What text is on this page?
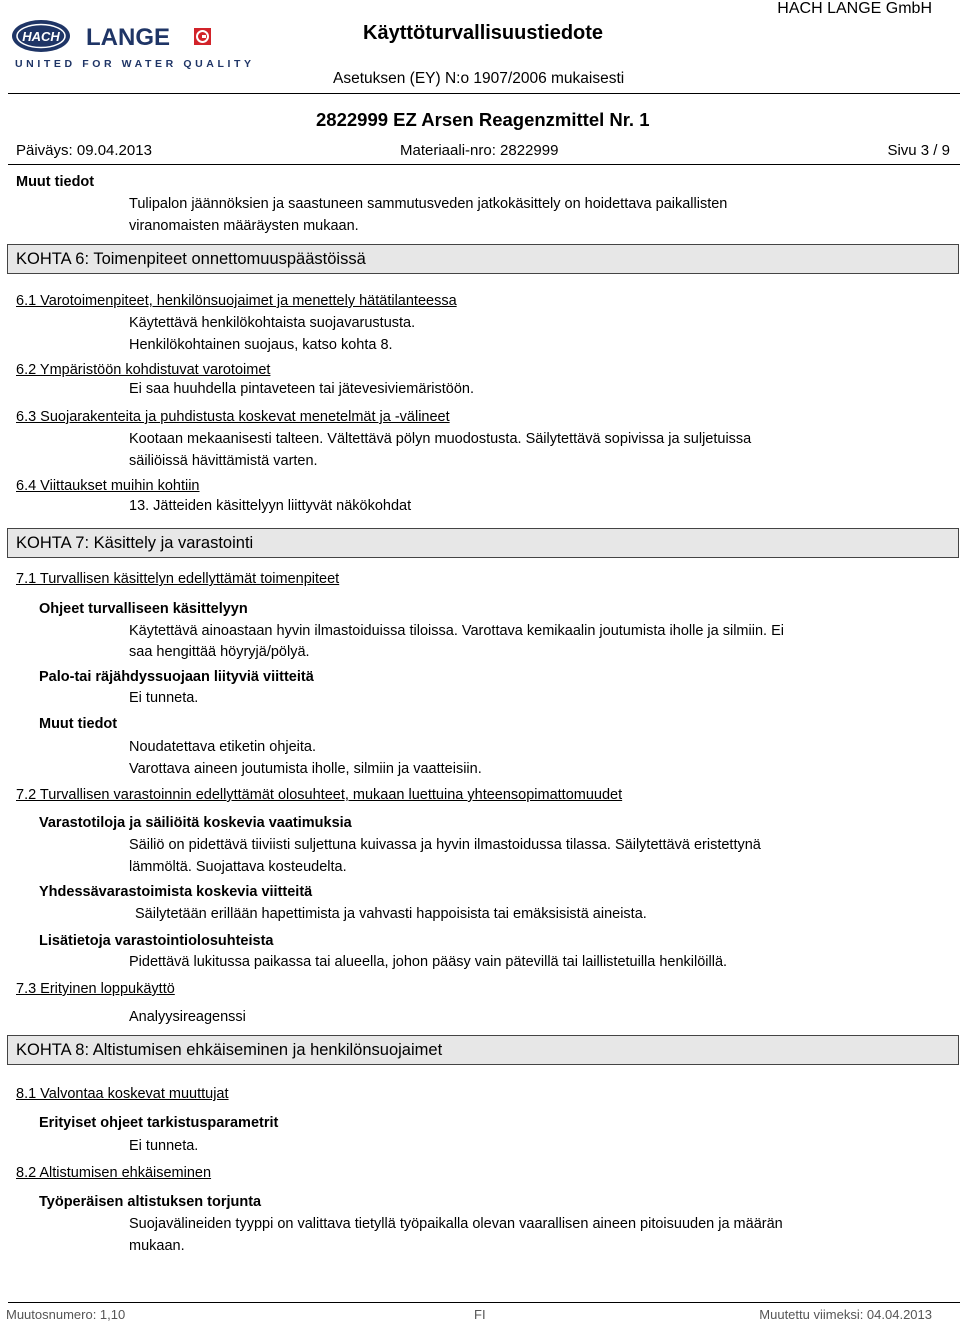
HACH LANGE
UNITED FOR WATER QUALITY
Käyttöturvallisuustiedote
HACH LANGE GmbH
Asetuksen (EY) N:o 1907/2006 mukaisesti
2822999 EZ Arsen Reagenzmittel Nr. 1
Päiväys: 09.04.2013	Materiaali-nro: 2822999	Sivu 3 / 9
Muut tiedot
Tulipalon jäännöksien ja saastuneen sammutusveden jatkokäsittely on hoidettava paikallisten
viranomaisten määräysten mukaan.
KOHTA 6: Toimenpiteet onnettomuuspäästöissä
6.1 Varotoimenpiteet, henkilönsuojaimet ja menettely hätätilanteessa
Käytettävä henkilökohtaista suojavarustusta.
Henkilökohtainen suojaus, katso kohta 8.
6.2 Ympäristöön kohdistuvat varotoimet
Ei saa huuhdella pintaveteen tai jätevesiviemäristöön.
6.3 Suojarakenteita ja puhdistusta koskevat menetelmät ja -välineet
Kootaan mekaanisesti talteen. Vältettävä pölyn muodostusta. Säilytettävä sopivissa ja suljetuissa
säiliöissä hävittämistä varten.
6.4 Viittaukset muihin kohtiin
13. Jätteiden käsittelyyn liittyvät näkökohdat
KOHTA 7: Käsittely ja varastointi
7.1 Turvallisen käsittelyn edellyttämät toimenpiteet
Ohjeet turvalliseen käsittelyyn
Käytettävä ainoastaan hyvin ilmastoiduissa tiloissa. Varottava kemikaalin joutumista iholle ja silmiin. Ei
saa hengittää höyryjä/pölyä.
Palo-tai räjähdyssuojaan liityviä viitteitä
Ei tunneta.
Muut tiedot
Noudatettava etiketin ohjeita.
Varottava aineen joutumista iholle, silmiin ja vaatteisiin.
7.2 Turvallisen varastoinnin edellyttämät olosuhteet, mukaan luettuina yhteensopimattomuudet
Varastotiloja ja säiliöitä koskevia vaatimuksia
Säiliö on pidettävä tiiviisti suljettuna kuivassa ja hyvin ilmastoidussa tilassa. Säilytettävä eristettynä
lämmöltä. Suojattava kosteudelta.
Yhdessävarastoimista koskevia viitteitä
Säilytetään erillään hapettimista ja vahvasti happoisista tai emäksisistä aineista.
Lisätietoja varastointiolosuhteista
Pidettävä lukitussa paikassa tai alueella, johon pääsy vain pätevillä tai laillistetuilla henkilöillä.
7.3 Erityinen loppukäyttö
Analyysireagenssi
KOHTA 8: Altistumisen ehkäiseminen ja henkilönsuojaimet
8.1 Valvontaa koskevat muuttujat
Erityiset ohjeet tarkistusparametrit
Ei tunneta.
8.2 Altistumisen ehkäiseminen
Työperäisen altistuksen torjunta
Suojavälineiden tyyppi on valittava tietyllä työpaikalla olevan vaarallisen aineen pitoisuuden ja määrän
mukaan.
Muutosnumero: 1,10	FI	Muutettu viimeksi: 04.04.2013
